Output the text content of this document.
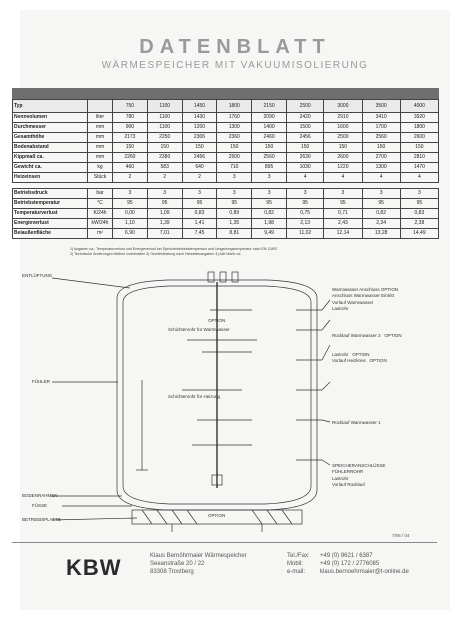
DATENBLATT
WÄRMESPEICHER MIT VAKUUMISOLIERUNG
Typ		750	1100	1450	1800	2150	2500	3000	3500	4000
Nennvolumen	liter	780	1100	1430	1760	2090	2420	2910	3410	3920
Durchmesser	mm	900	1100	1200	1300	1400	1500	1600	1700	1800
Gesamthöhe	mm	2173	2250	2306	2360	2460	2456	2500	2560	2600
Bodenabstand	mm	150	150	150	150	150	150	150	150	150
Kippmaß ca.	mm	2260	2380	2456	2500	2560	2630	2600	2700	2810
Gewicht ca.	kg	460	583	640	710	895	1030	1220	1300	1470
Heizeinsen	Stück	2	2	2	3	3	4	4	4	4

Betriebsdruck	bar	3	3	3	3	3	3	3	3	3
Betriebstemperatur	°C	95	95	95	95	95	95	95	95	95
Temperaturverlust	K/24h	0,00	1,09	0,83	0,89	0,82	0,75	0,71	0,82	0,83
Energieverlust	kW/24h	1,10	1,39	1,41	1,35	1,98	2,13	2,43	2,34	2,38
Beiaußenfläche	m²	6,90	7,01	7,45	8,81	9,49	11,02	12,14	13,28	14,49
1) Angaben ca.; Temperaturverlust und Energieverlust bei Speicherbetriebstemperatur und Umgebungstemperatur nach EN 12897
2) Technische Änderungen bleiben vorbehalten 3) Gewährleistung nach Herstellerangaben 4) Alle Maße ca.
ENTLÜFTUNG
FÜHLER
BODENRAHMEN
FÜSSE
BETRIEBSPLATTE
OPTION
Schichtenrohr für Warmwasser
Schichtenrohr für Heizung
OPTION
Warmwasser Anschluss OPTION
Anschluss Warmwasser Eintritt
Vorlauf Warmwasser
Lastrohr
Rücklauf Warmwasser 2 OPTION
Lastrohr OPTION
Vorlauf Heizkreis OPTION
Rücklauf Warmwasser 1
SPEICHERANSCHLÜSSE
FÜHLERROHR
Lastrohr
Vorlauf Rücklauf
7/06 / 04
KBW	Klaus Bernöhrmaier Wärmespeicher
Seeanstraße 20 / 22
83308 Trostberg
Tel./Fax: +49 (0) 8621 / 6387
Mobil:	+49 (0) 172 / 2776085
e-mail: klaus.bernoehrmaier@t-online.de
